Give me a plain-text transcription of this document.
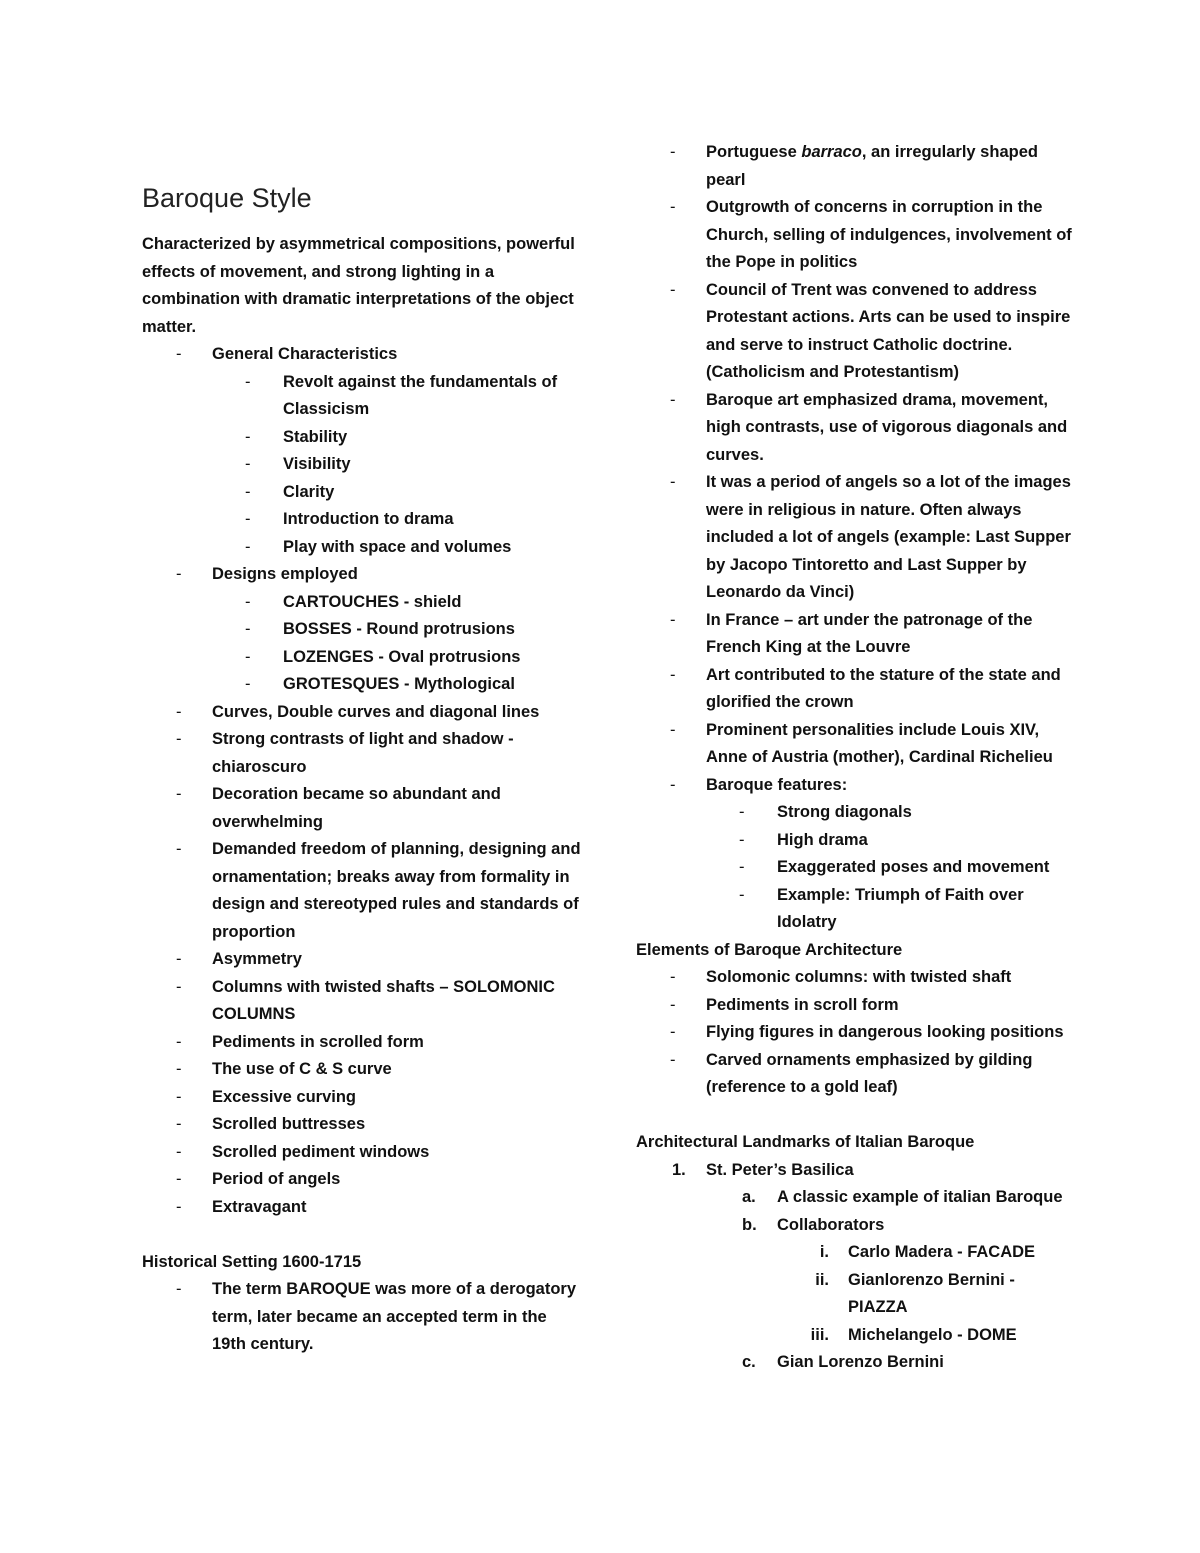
Baroque Style

Characterized by asymmetrical compositions, powerful effects of movement, and strong lighting in a combination with dramatic interpretations of the object matter.

- General Characteristics
- Revolt against the fundamentals of Classicism
- Stability
- Visibility
- Clarity
- Introduction to drama
- Play with space and volumes
- Designs employed
- CARTOUCHES - shield
- BOSSES - Round protrusions
- LOZENGES - Oval protrusions
- GROTESQUES - Mythological
- Curves, Double curves and diagonal lines
- Strong contrasts of light and shadow - chiaroscuro
- Decoration became so abundant and overwhelming
- Demanded freedom of planning, designing and ornamentation; breaks away from formality in design and stereotyped rules and standards of proportion
- Asymmetry
- Columns with twisted shafts – SOLOMONIC COLUMNS
- Pediments in scrolled form
- The use of C & S curve
- Excessive curving
- Scrolled buttresses
- Scrolled pediment windows
- Period of angels
- Extravagant

Historical Setting 1600-1715

- The term BAROQUE was more of a derogatory term, later became an accepted term in the 19th century.
- Portuguese barraco, an irregularly shaped pearl
- Outgrowth of concerns in corruption in the Church, selling of indulgences, involvement of the Pope in politics
- Council of Trent was convened to address Protestant actions. Arts can be used to inspire and serve to instruct Catholic doctrine. (Catholicism and Protestantism)
- Baroque art emphasized drama, movement, high contrasts, use of vigorous diagonals and curves.
- It was a period of angels so a lot of the images were in religious in nature. Often always included a lot of angels (example: Last Supper by Jacopo Tintoretto and Last Supper by Leonardo da Vinci)
- In France – art under the patronage of the French King at the Louvre
- Art contributed to the stature of the state and glorified the crown
- Prominent personalities include Louis XIV, Anne of Austria (mother), Cardinal Richelieu
- Baroque features:
- Strong diagonals
- High drama
- Exaggerated poses and movement
- Example: Triumph of Faith over Idolatry

Elements of Baroque Architecture

- Solomonic columns: with twisted shaft
- Pediments in scroll form
- Flying figures in dangerous looking positions
- Carved ornaments emphasized by gilding (reference to a gold leaf)

Architectural Landmarks of Italian Baroque

1. St. Peter’s Basilica
a. A classic example of italian Baroque
b. Collaborators
i. Carlo Madera - FACADE
ii. Gianlorenzo Bernini - PIAZZA
iii. Michelangelo - DOME
c. Gian Lorenzo Bernini
